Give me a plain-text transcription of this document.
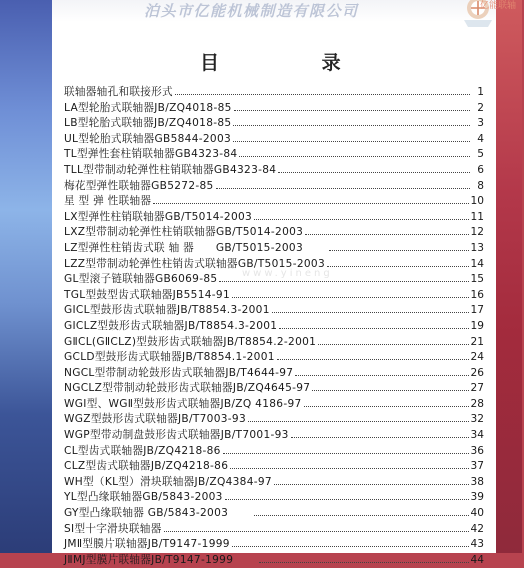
泊头市亿能机械制造有限公司	亿能联轴
目 录
www.yineng
联轴器轴孔和联接形式	1
LA型轮胎式联轴器JB/ZQ4018-85	2
LB型轮胎式联轴器JB/ZQ4018-85	3
UL型轮胎式联轴器GB5844-2003	4
TL型弹性套柱销联轴器GB4323-84	5
TLL型带制动轮弹性柱销联轴器GB4323-84	6
梅花型弹性联轴器GB5272-85	8
星 型 弹 性联轴器	10
LX型弹性柱销联轴器GB/T5014-2003	11
LXZ型带制动轮弹性柱销联轴器GB/T5014-2003	12
LZ型弹性柱销齿式联 轴 器　　GB/T5015-2003	13
LZZ型带制动轮弹性柱销齿式联轴器GB/T5015-2003	14
GL型滚子链联轴器GB6069-85	15
TGL型鼓型齿式联轴器JB5514-91	16
GⅠCL型鼓形齿式联轴器JB/T8854.3-2001	17
GⅠCLZ型鼓形齿式联轴器JB/T8854.3-2001	19
GⅡCL(GⅡCLZ)型鼓形齿式联轴器JB/T8854.2-2001	21
GCLD型鼓形齿式联轴器JB/T8854.1-2001	24
NGCL型带制动轮鼓形齿式联轴器JB/T4644-97	26
NGCLZ型带制动轮鼓形齿式联轴器JB/ZQ4645-97	27
WGⅠ型、WGⅡ型鼓形齿式联轴器JB/ZQ 4186-97	28
WGZ型鼓形齿式联轴器JB/T7003-93	32
WGP型带动制盘鼓形齿式联轴器JB/T7001-93	34
CL型齿式联轴器JB/ZQ4218-86	36
CLZ型齿式联轴器JB/ZQ4218-86	37
WH型（KL型）滑块联轴器JB/ZQ4384-97	38
YL型凸缘联轴器GB/5843-2003	39
GY型凸缘联轴器 GB/5843-2003	40
SI型十字滑块联轴器	42
JMⅡ型膜片联轴器JB/T9147-1999	43
JⅡMJ型膜片联轴器JB/T9147-1999	44
